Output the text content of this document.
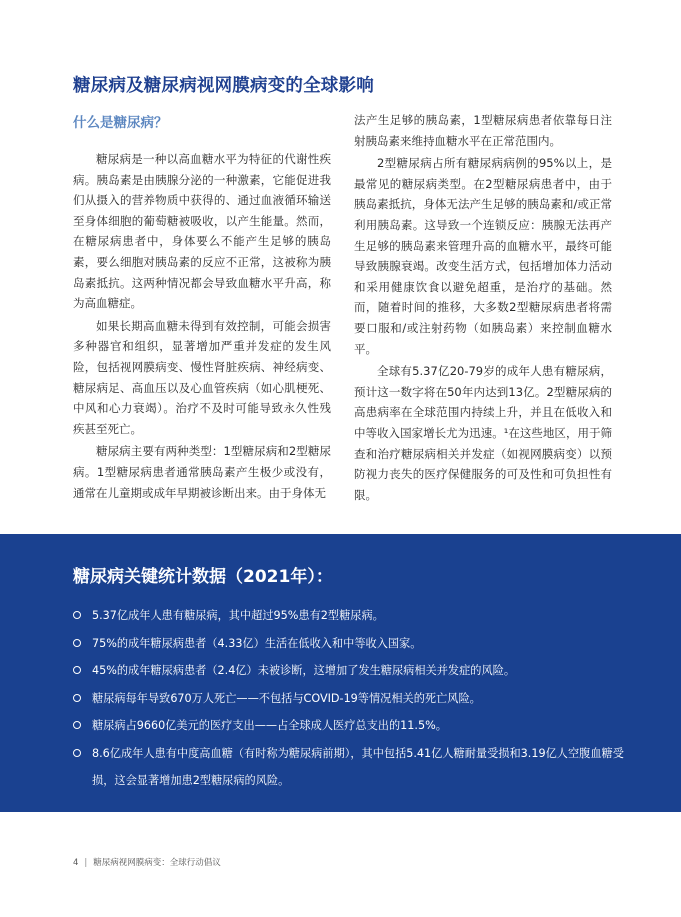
糖尿病及糖尿病视网膜病变的全球影响
什么是糖尿病？

糖尿病是一种以高血糖水平为特征的代谢性疾病。胰岛素是由胰腺分泌的一种激素，它能促进我们从摄入的营养物质中获得的、通过血液循环输送至身体细胞的葡萄糖被吸收，以产生能量。然而，在糖尿病患者中，身体要么不能产生足够的胰岛素，要么细胞对胰岛素的反应不正常，这被称为胰岛素抵抗。这两种情况都会导致血糖水平升高，称为高血糖症。

如果长期高血糖未得到有效控制，可能会损害多种器官和组织，显著增加严重并发症的发生风险，包括视网膜病变、慢性肾脏疾病、神经病变、糖尿病足、高血压以及心血管疾病（如心肌梗死、中风和心力衰竭）。治疗不及时可能导致永久性残疾甚至死亡。

糖尿病主要有两种类型：1型糖尿病和2型糖尿病。1型糖尿病患者通常胰岛素产生极少或没有，通常在儿童期或成年早期被诊断出来。由于身体无

法产生足够的胰岛素，1型糖尿病患者依靠每日注射胰岛素来维持血糖水平在正常范围内。

2型糖尿病占所有糖尿病病例的95%以上，是最常见的糖尿病类型。在2型糖尿病患者中，由于胰岛素抵抗，身体无法产生足够的胰岛素和/或正常利用胰岛素。这导致一个连锁反应：胰腺无法再产生足够的胰岛素来管理升高的血糖水平，最终可能导致胰腺衰竭。改变生活方式，包括增加体力活动和采用健康饮食以避免超重，是治疗的基础。然而，随着时间的推移，大多数2型糖尿病患者将需要口服和/或注射药物（如胰岛素）来控制血糖水平。

全球有5.37亿20-79岁的成年人患有糖尿病，预计这一数字将在50年内达到13亿。2型糖尿病的高患病率在全球范围内持续上升，并且在低收入和中等收入国家增长尤为迅速。¹在这些地区，用于筛查和治疗糖尿病相关并发症（如视网膜病变）以预防视力丧失的医疗保健服务的可及性和可负担性有限。

糖尿病关键统计数据（2021年）：
5.37亿成年人患有糖尿病，其中超过95%患有2型糖尿病。
75%的成年糖尿病患者（4.33亿）生活在低收入和中等收入国家。
45%的成年糖尿病患者（2.4亿）未被诊断，这增加了发生糖尿病相关并发症的风险。
糖尿病每年导致670万人死亡——不包括与COVID-19等情况相关的死亡风险。
糖尿病占9660亿美元的医疗支出——占全球成人医疗总支出的11.5%。
8.6亿成年人患有中度高血糖（有时称为糖尿病前期），其中包括5.41亿人糖耐量受损和3.19亿人空腹血糖受损，这会显著增加患2型糖尿病的风险。
4 | 糖尿病视网膜病变：全球行动倡议
